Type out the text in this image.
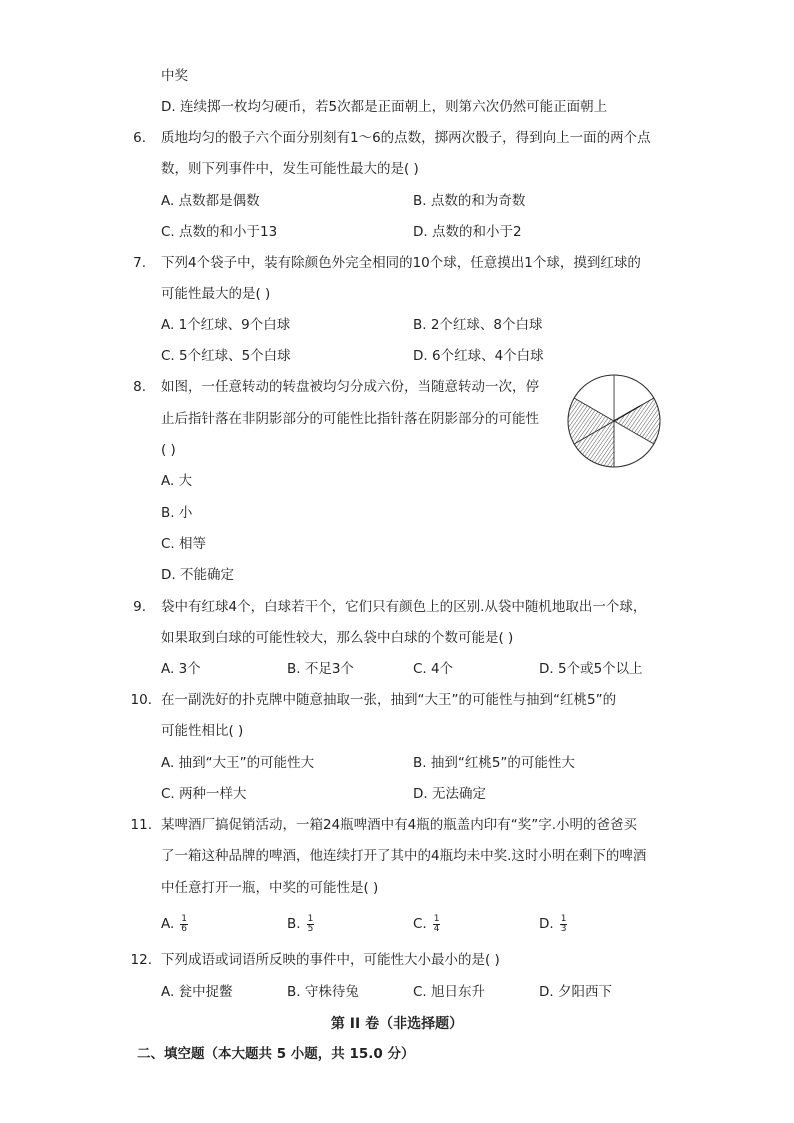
中奖
D. 连续掷一枚均匀硬币，若5次都是正面朝上，则第六次仍然可能正面朝上
6. 质地均匀的骰子六个面分别刻有1～6的点数，掷两次骰子，得到向上一面的两个点
数，则下列事件中，发生可能性最大的是( )
A. 点数都是偶数	B. 点数的和为奇数
C. 点数的和小于13	D. 点数的和小于2
7. 下列4个袋子中，装有除颜色外完全相同的10个球，任意摸出1个球，摸到红球的
可能性最大的是( )
A. 1个红球、9个白球	B. 2个红球、8个白球
C. 5个红球、5个白球	D. 6个红球、4个白球
8. 如图，一任意转动的转盘被均匀分成六份，当随意转动一次，停
止后指针落在非阴影部分的可能性比指针落在阴影部分的可能性
( )
A. 大
B. 小
C. 相等
D. 不能确定
9. 袋中有红球4个，白球若干个，它们只有颜色上的区别.从袋中随机地取出一个球，
如果取到白球的可能性较大，那么袋中白球的个数可能是( )
A. 3个	B. 不足3个	C. 4个	D. 5个或5个以上
10. 在一副洗好的扑克牌中随意抽取一张，抽到“大王”的可能性与抽到“红桃5”的
可能性相比( )
A. 抽到“大王”的可能性大	B. 抽到“红桃5”的可能性大
C. 两种一样大	D. 无法确定
11. 某啤酒厂搞促销活动，一箱24瓶啤酒中有4瓶的瓶盖内印有“奖”字.小明的爸爸买
了一箱这种品牌的啤酒，他连续打开了其中的4瓶均未中奖.这时小明在剩下的啤酒
中任意打开一瓶，中奖的可能性是( )
A. $\frac{1}{6}$	B. $\frac{1}{5}$	C. $\frac{1}{4}$	D. $\frac{1}{3}$
12. 下列成语或词语所反映的事件中，可能性大小最小的是( )
A. 瓮中捉鳖	B. 守株待兔	C. 旭日东升	D. 夕阳西下
第 II 卷（非选择题）
二、填空题（本大题共 5 小题，共 15.0 分）
